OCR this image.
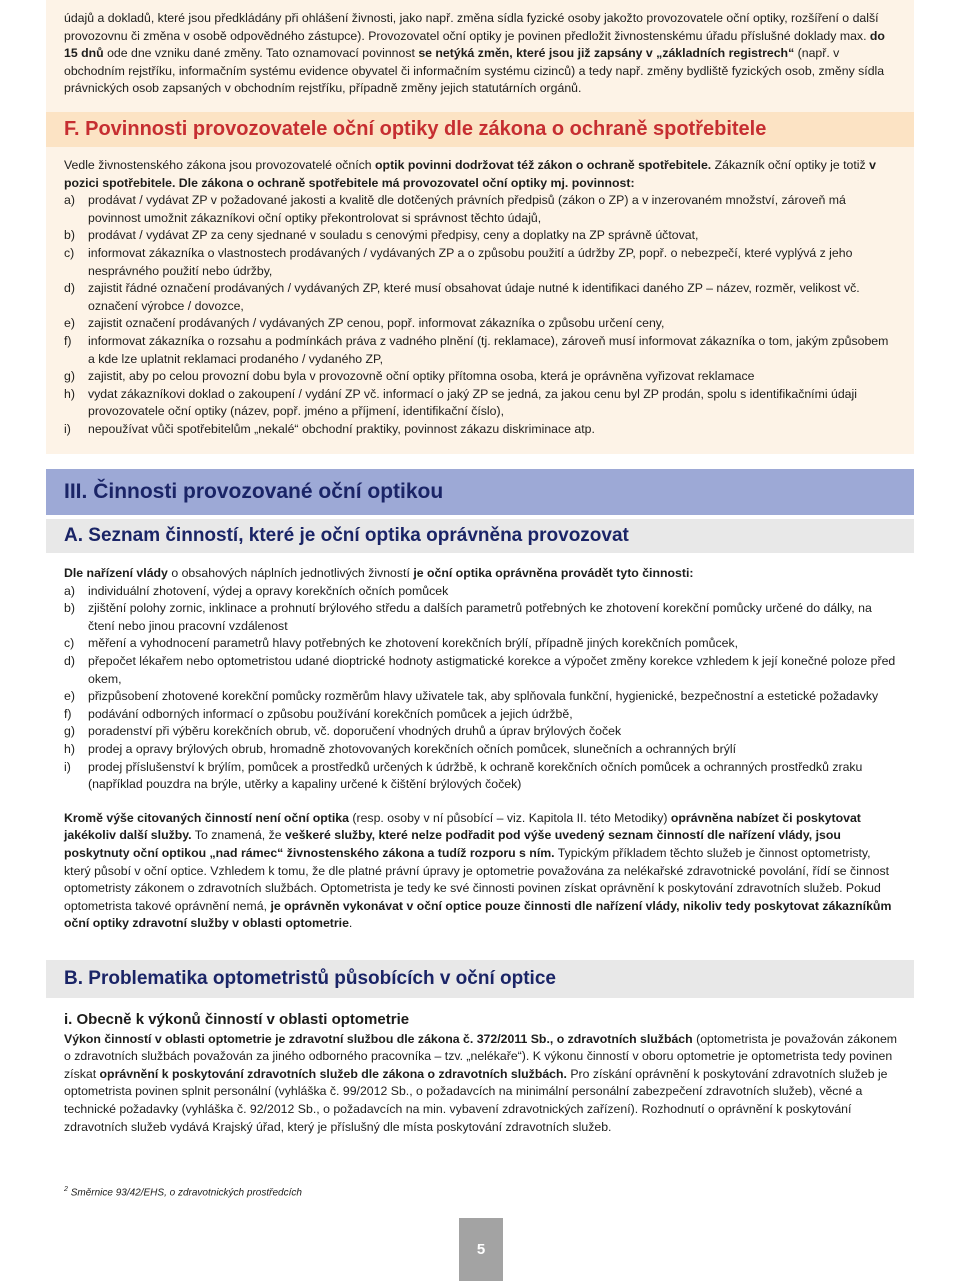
údajů a dokladů, které jsou předkládány při ohlášení živnosti, jako např. změna sídla fyzické osoby jakožto provozovatele oční optiky, rozšíření o další provozovnu či změna v osobě odpovědného zástupce). Provozovatel oční optiky je povinen předložit živnostenskému úřadu příslušné doklady max. do 15 dnů ode dne vzniku dané změny. Tato oznamovací povinnost se netýká změn, které jsou již zapsány v „základních registrech“ (např. v obchodním rejstříku, informačním systému evidence obyvatel či informačním systému cizinců) a tedy např. změny bydliště fyzických osob, změny sídla právnických osob zapsaných v obchodním rejstříku, případně změny jejich statutárních orgánů.

F. Povinnosti provozovatele oční optiky dle zákona o ochraně spotřebitele

Vedle živnostenského zákona jsou provozovatelé očních optik povinni dodržovat též zákon o ochraně spotřebitele. Zákazník oční optiky je totiž v pozici spotřebitele. Dle zákona o ochraně spotřebitele má provozovatel oční optiky mj. povinnost:

a)	prodávat / vydávat ZP v požadované jakosti a kvalitě dle dotčených právních předpisů (zákon o ZP) a v inzerovaném množství, zároveň má povinnost umožnit zákazníkovi oční optiky překontrolovat si správnost těchto údajů,
b)	prodávat / vydávat ZP za ceny sjednané v souladu s cenovými předpisy, ceny a doplatky na ZP správně účtovat,
c)	informovat zákazníka o vlastnostech prodávaných / vydávaných ZP a o způsobu použití a údržby ZP, popř. o nebezpečí, které vyplývá z jeho nesprávného použití nebo údržby,
d)	zajistit řádné označení prodávaných / vydávaných ZP, které musí obsahovat údaje nutné k identifikaci daného ZP – název, rozměr, velikost vč. označení výrobce / dovozce,
e)	zajistit označení prodávaných / vydávaných ZP cenou, popř. informovat zákazníka o způsobu určení ceny,
f)	informovat zákazníka o rozsahu a podmínkách práva z vadného plnění (tj. reklamace), zároveň musí informovat zákazníka o tom, jakým způsobem a kde lze uplatnit reklamaci prodaného / vydaného ZP,
g)	zajistit, aby po celou provozní dobu byla v provozovně oční optiky přítomna osoba, která je oprávněna vyřizovat reklamace
h)	vydat zákazníkovi doklad o zakoupení / vydání ZP vč. informací o jaký ZP se jedná, za jakou cenu byl ZP prodán, spolu s identifikačními údaji provozovatele oční optiky (název, popř. jméno a příjmení, identifikační číslo),
i)	nepoužívat vůči spotřebitelům „nekalé“ obchodní praktiky, povinnost zákazu diskriminace atp.
III. Činnosti provozované oční optikou
A. Seznam činností, které je oční optika oprávněna provozovat

Dle nařízení vlády o obsahových náplních jednotlivých živností je oční optika oprávněna provádět tyto činnosti:

a)	individuální zhotovení, výdej a opravy korekčních očních pomůcek
b)	zjištění polohy zornic, inklinace a prohnutí brýlového středu a dalších parametrů potřebných ke zhotovení korekční pomůcky určené do dálky, na čtení nebo jinou pracovní vzdálenost
c)	měření a vyhodnocení parametrů hlavy potřebných ke zhotovení korekčních brýlí, případně jiných korekčních pomůcek,
d)	přepočet lékařem nebo optometristou udané dioptrické hodnoty astigmatické korekce a výpočet změny korekce vzhledem k její konečné poloze před okem,
e)	přizpůsobení zhotovené korekční pomůcky rozměrům hlavy uživatele tak, aby splňovala funkční, hygienické, bezpečnostní a estetické požadavky
f)	podávání odborných informací o způsobu používání korekčních pomůcek a jejich údržbě,
g)	poradenství při výběru korekčních obrub, vč. doporučení vhodných druhů a úprav brýlových čoček
h)	prodej a opravy brýlových obrub, hromadně zhotovovaných korekčních očních pomůcek, slunečních a ochranných brýlí
i)	prodej příslušenství k brýlím, pomůcek a prostředků určených k údržbě, k ochraně korekčních očních pomůcek a ochranných prostředků zraku (například pouzdra na brýle, utěrky a kapaliny určené k čištění brýlových čoček)

Kromě výše citovaných činností není oční optika (resp. osoby v ní působící – viz. Kapitola II. této Metodiky) oprávněna nabízet či poskytovat jakékoliv další služby. To znamená, že veškeré služby, které nelze podřadit pod výše uvedený seznam činností dle nařízení vlády, jsou poskytnuty oční optikou „nad rámec“ živnostenského zákona a tudíž rozporu s ním. Typickým příkladem těchto služeb je činnost optometristy, který působí v oční optice. Vzhledem k tomu, že dle platné právní úpravy je optometrie považována za nelékařské zdravotnické povolání, řídí se činnost optometristy zákonem o zdravotních službách. Optometrista je tedy ke své činnosti povinen získat oprávnění k poskytování zdravotních služeb. Pokud optometrista takové oprávnění nemá, je oprávněn vykonávat v oční optice pouze činnosti dle nařízení vlády, nikoliv tedy poskytovat zákazníkům oční optiky zdravotní služby v oblasti optometrie.

B. Problematika optometristů působících v oční optice
i. Obecně k výkonů činností v oblasti optometrie

Výkon činností v oblasti optometrie je zdravotní službou dle zákona č. 372/2011 Sb., o zdravotních službách (optometrista je považován zákonem o zdravotních službách považován za jiného odborného pracovníka – tzv. „nelékaře“). K výkonu činností v oboru optometrie je optometrista tedy povinen získat oprávnění k poskytování zdravotních služeb dle zákona o zdravotních službách. Pro získání oprávnění k poskytování zdravotních služeb je optometrista povinen splnit personální (vyhláška č. 99/2012 Sb., o požadavcích na minimální personální zabezpečení zdravotních služeb), věcné a technické požadavky (vyhláška č. 92/2012 Sb., o požadavcích na min. vybavení zdravotnických zařízení). Rozhodnutí o oprávnění k poskytování zdravotních služeb vydává Krajský úřad, který je příslušný dle místa poskytování zdravotních služeb.

$^2$ Směrnice 93/42/EHS, o zdravotnických prostředcích
5
